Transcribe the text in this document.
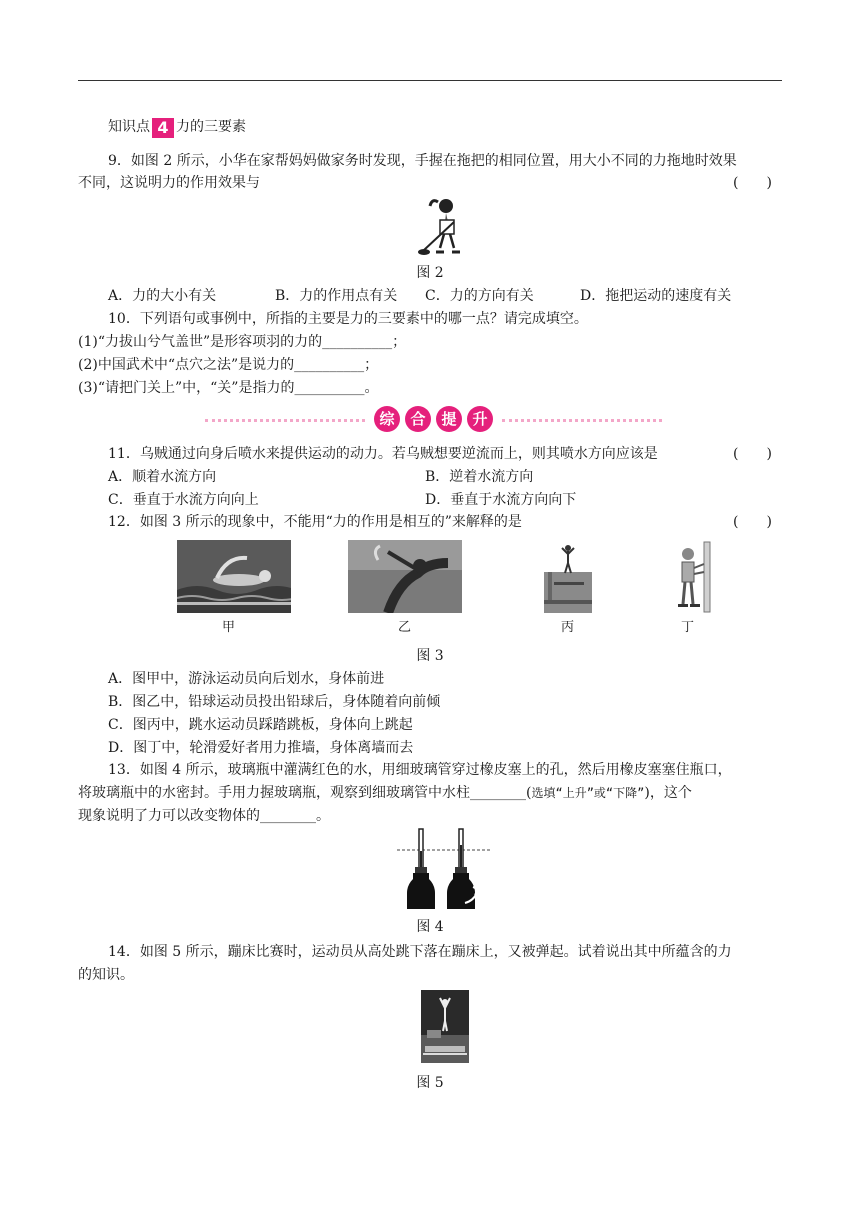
知识点 4 力的三要素
9．如图 2 所示，小华在家帮妈妈做家务时发现，手握在拖把的相同位置，用大小不同的力拖地时效果
不同，这说明力的作用效果与	(　　)
图 2
A．力的大小有关	B．力的作用点有关 C．力的方向有关	D．拖把运动的速度有关
10．下列语句或事例中，所指的主要是力的三要素中的哪一点？请完成填空。
(1)“力拔山兮气盖世”是形容项羽的力的__________；
(2)中国武术中“点穴之法”是说力的__________；
(3)“请把门关上”中，“关”是指力的__________。
综	合	提	升
11．乌贼通过向身后喷水来提供运动的动力。若乌贼想要逆流而上，则其喷水方向应该是	(　　)
A．顺着水流方向	B．逆着水流方向
C．垂直于水流方向向上	D．垂直于水流方向向下
12．如图 3 所示的现象中，不能用“力的作用是相互的”来解释的是	(　　)
甲	乙	丙	丁
图 3
A．图甲中，游泳运动员向后划水，身体前进
B．图乙中，铅球运动员投出铅球后，身体随着向前倾
C．图丙中，跳水运动员踩踏跳板，身体向上跳起
D．图丁中，轮滑爱好者用力推墙，身体离墙而去
13．如图 4 所示，玻璃瓶中灌满红色的水，用细玻璃管穿过橡皮塞上的孔，然后用橡皮塞塞住瓶口，
将玻璃瓶中的水密封。手用力握玻璃瓶，观察到细玻璃管中水柱________(选填“上升”或“下降”)，这个
现象说明了力可以改变物体的________。
图 4
14．如图 5 所示，蹦床比赛时，运动员从高处跳下落在蹦床上，又被弹起。试着说出其中所蕴含的力
的知识。
图 5
